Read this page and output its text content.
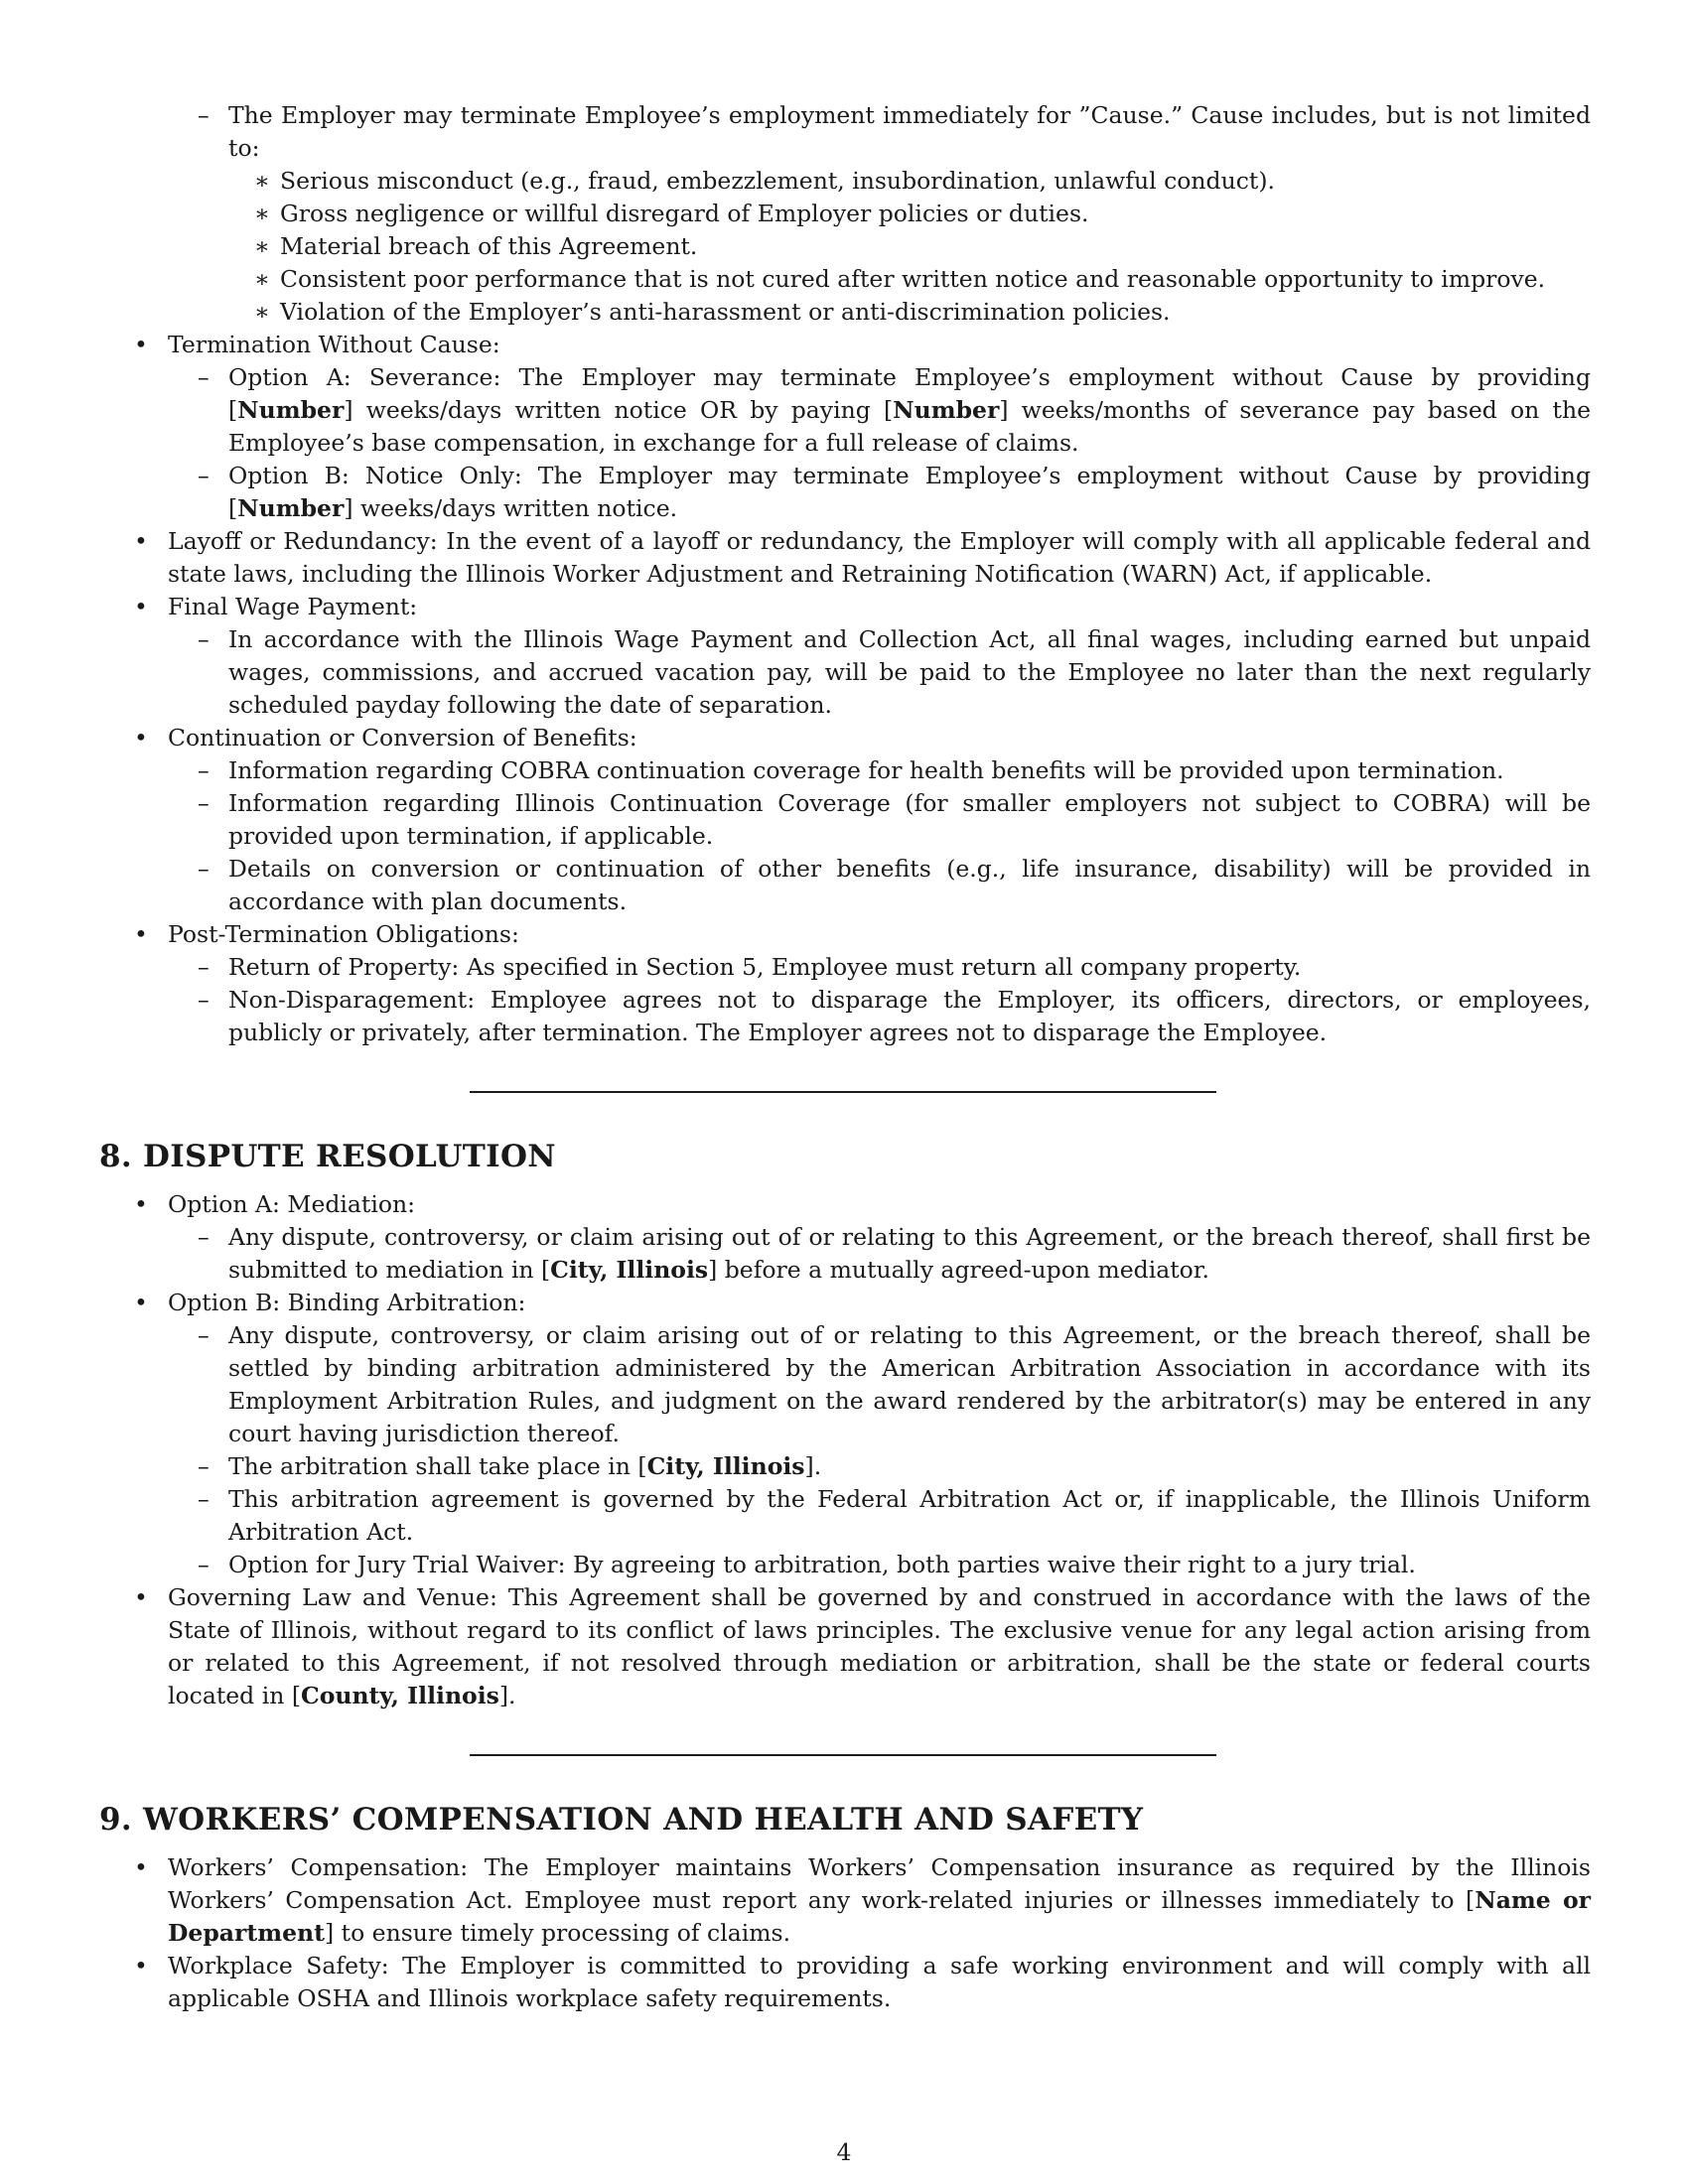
– The Employer may terminate Employee’s employment immediately for ”Cause.” Cause includes, but is not limited to:
∗ Serious misconduct (e.g., fraud, embezzlement, insubordination, unlawful conduct).
∗ Gross negligence or willful disregard of Employer policies or duties.
∗ Material breach of this Agreement.
∗ Consistent poor performance that is not cured after written notice and reasonable opportunity to improve.
∗ Violation of the Employer’s anti-harassment or anti-discrimination policies.
• Termination Without Cause:
– Option A: Severance: The Employer may terminate Employee’s employment without Cause by providing [Number] weeks/days written notice OR by paying [Number] weeks/months of severance pay based on the Employee’s base compensation, in exchange for a full release of claims.
– Option B: Notice Only: The Employer may terminate Employee’s employment without Cause by providing [Number] weeks/days written notice.
• Layoff or Redundancy: In the event of a layoff or redundancy, the Employer will comply with all applicable federal and state laws, including the Illinois Worker Adjustment and Retraining Notification (WARN) Act, if applicable.
• Final Wage Payment:
– In accordance with the Illinois Wage Payment and Collection Act, all final wages, including earned but unpaid wages, commissions, and accrued vacation pay, will be paid to the Employee no later than the next regularly scheduled payday following the date of separation.
• Continuation or Conversion of Benefits:
– Information regarding COBRA continuation coverage for health benefits will be provided upon termination.
– Information regarding Illinois Continuation Coverage (for smaller employers not subject to COBRA) will be provided upon termination, if applicable.
– Details on conversion or continuation of other benefits (e.g., life insurance, disability) will be provided in accordance with plan documents.
• Post-Termination Obligations:
– Return of Property: As specified in Section 5, Employee must return all company property.
– Non-Disparagement: Employee agrees not to disparage the Employer, its officers, directors, or employees, publicly or privately, after termination. The Employer agrees not to disparage the Employee.
8. DISPUTE RESOLUTION
• Option A: Mediation:
– Any dispute, controversy, or claim arising out of or relating to this Agreement, or the breach thereof, shall first be submitted to mediation in [City, Illinois] before a mutually agreed-upon mediator.
• Option B: Binding Arbitration:
– Any dispute, controversy, or claim arising out of or relating to this Agreement, or the breach thereof, shall be settled by binding arbitration administered by the American Arbitration Association in accordance with its Employment Arbitration Rules, and judgment on the award rendered by the arbitrator(s) may be entered in any court having jurisdiction thereof.
– The arbitration shall take place in [City, Illinois].
– This arbitration agreement is governed by the Federal Arbitration Act or, if inapplicable, the Illinois Uniform Arbitration Act.
– Option for Jury Trial Waiver: By agreeing to arbitration, both parties waive their right to a jury trial.
• Governing Law and Venue: This Agreement shall be governed by and construed in accordance with the laws of the State of Illinois, without regard to its conflict of laws principles. The exclusive venue for any legal action arising from or related to this Agreement, if not resolved through mediation or arbitration, shall be the state or federal courts located in [County, Illinois].
9. WORKERS’ COMPENSATION AND HEALTH AND SAFETY
• Workers’ Compensation: The Employer maintains Workers’ Compensation insurance as required by the Illinois Workers’ Compensation Act. Employee must report any work-related injuries or illnesses immediately to [Name or Department] to ensure timely processing of claims.
• Workplace Safety: The Employer is committed to providing a safe working environment and will comply with all applicable OSHA and Illinois workplace safety requirements.
4
